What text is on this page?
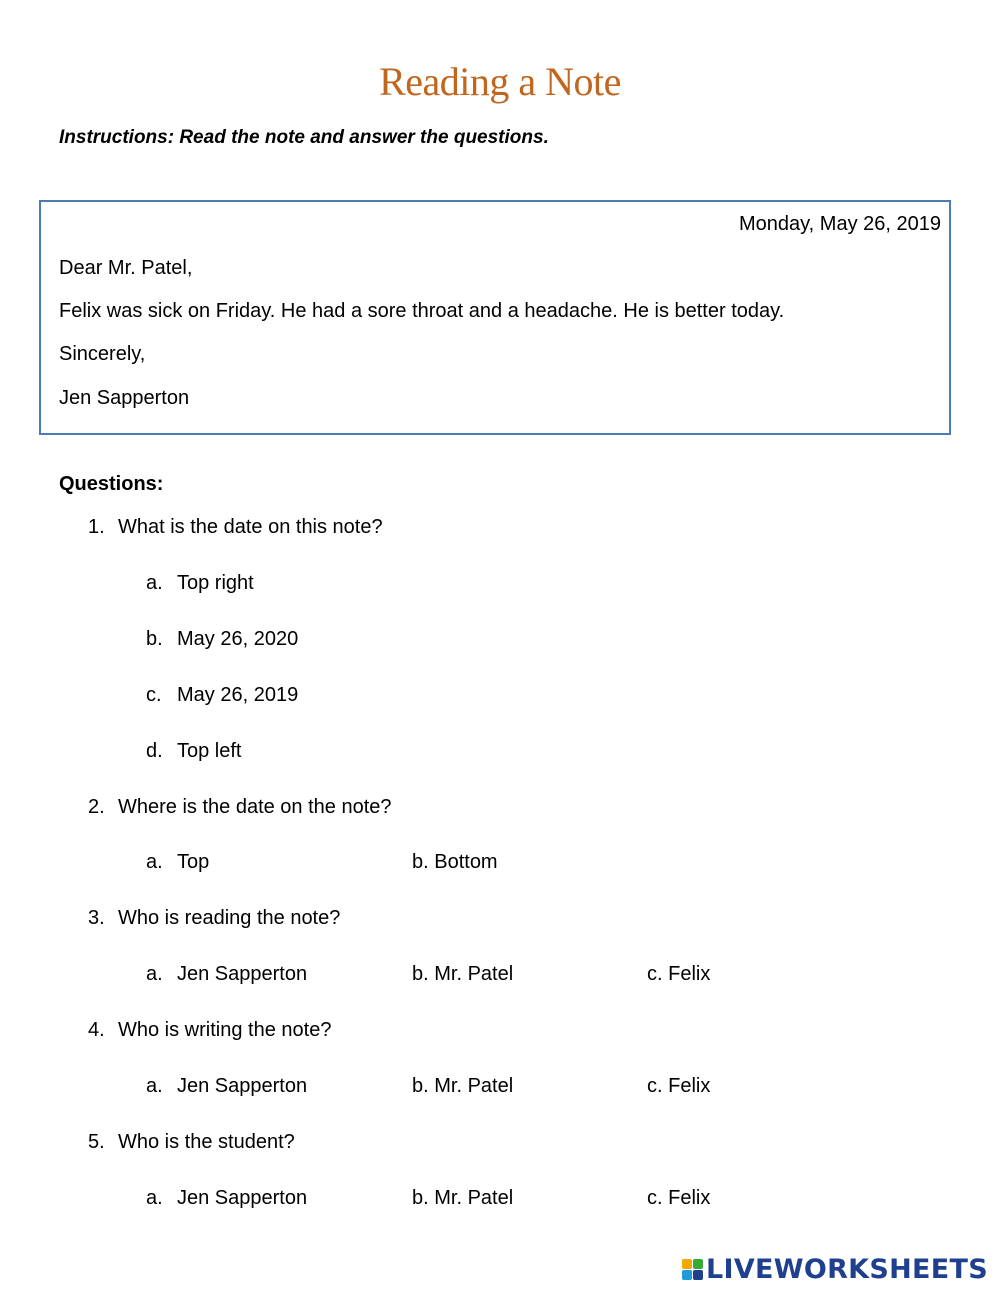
Reading a Note
Instructions: Read the note and answer the questions.
Monday, May 26, 2019
Dear Mr. Patel,
Felix was sick on Friday. He had a sore throat and a headache. He is better today.
Sincerely,
Jen Sapperton
Questions:
1. What is the date on this note?
a. Top right
b. May 26, 2020
c. May 26, 2019
d. Top left
2. Where is the date on the note?
a. Top	b. Bottom
3. Who is reading the note?
a. Jen Sapperton	b. Mr. Patel	c. Felix
4. Who is writing the note?
a. Jen Sapperton	b. Mr. Patel	c. Felix
5. Who is the student?
a. Jen Sapperton	b. Mr. Patel	c. Felix
LIVEWORKSHEETS
